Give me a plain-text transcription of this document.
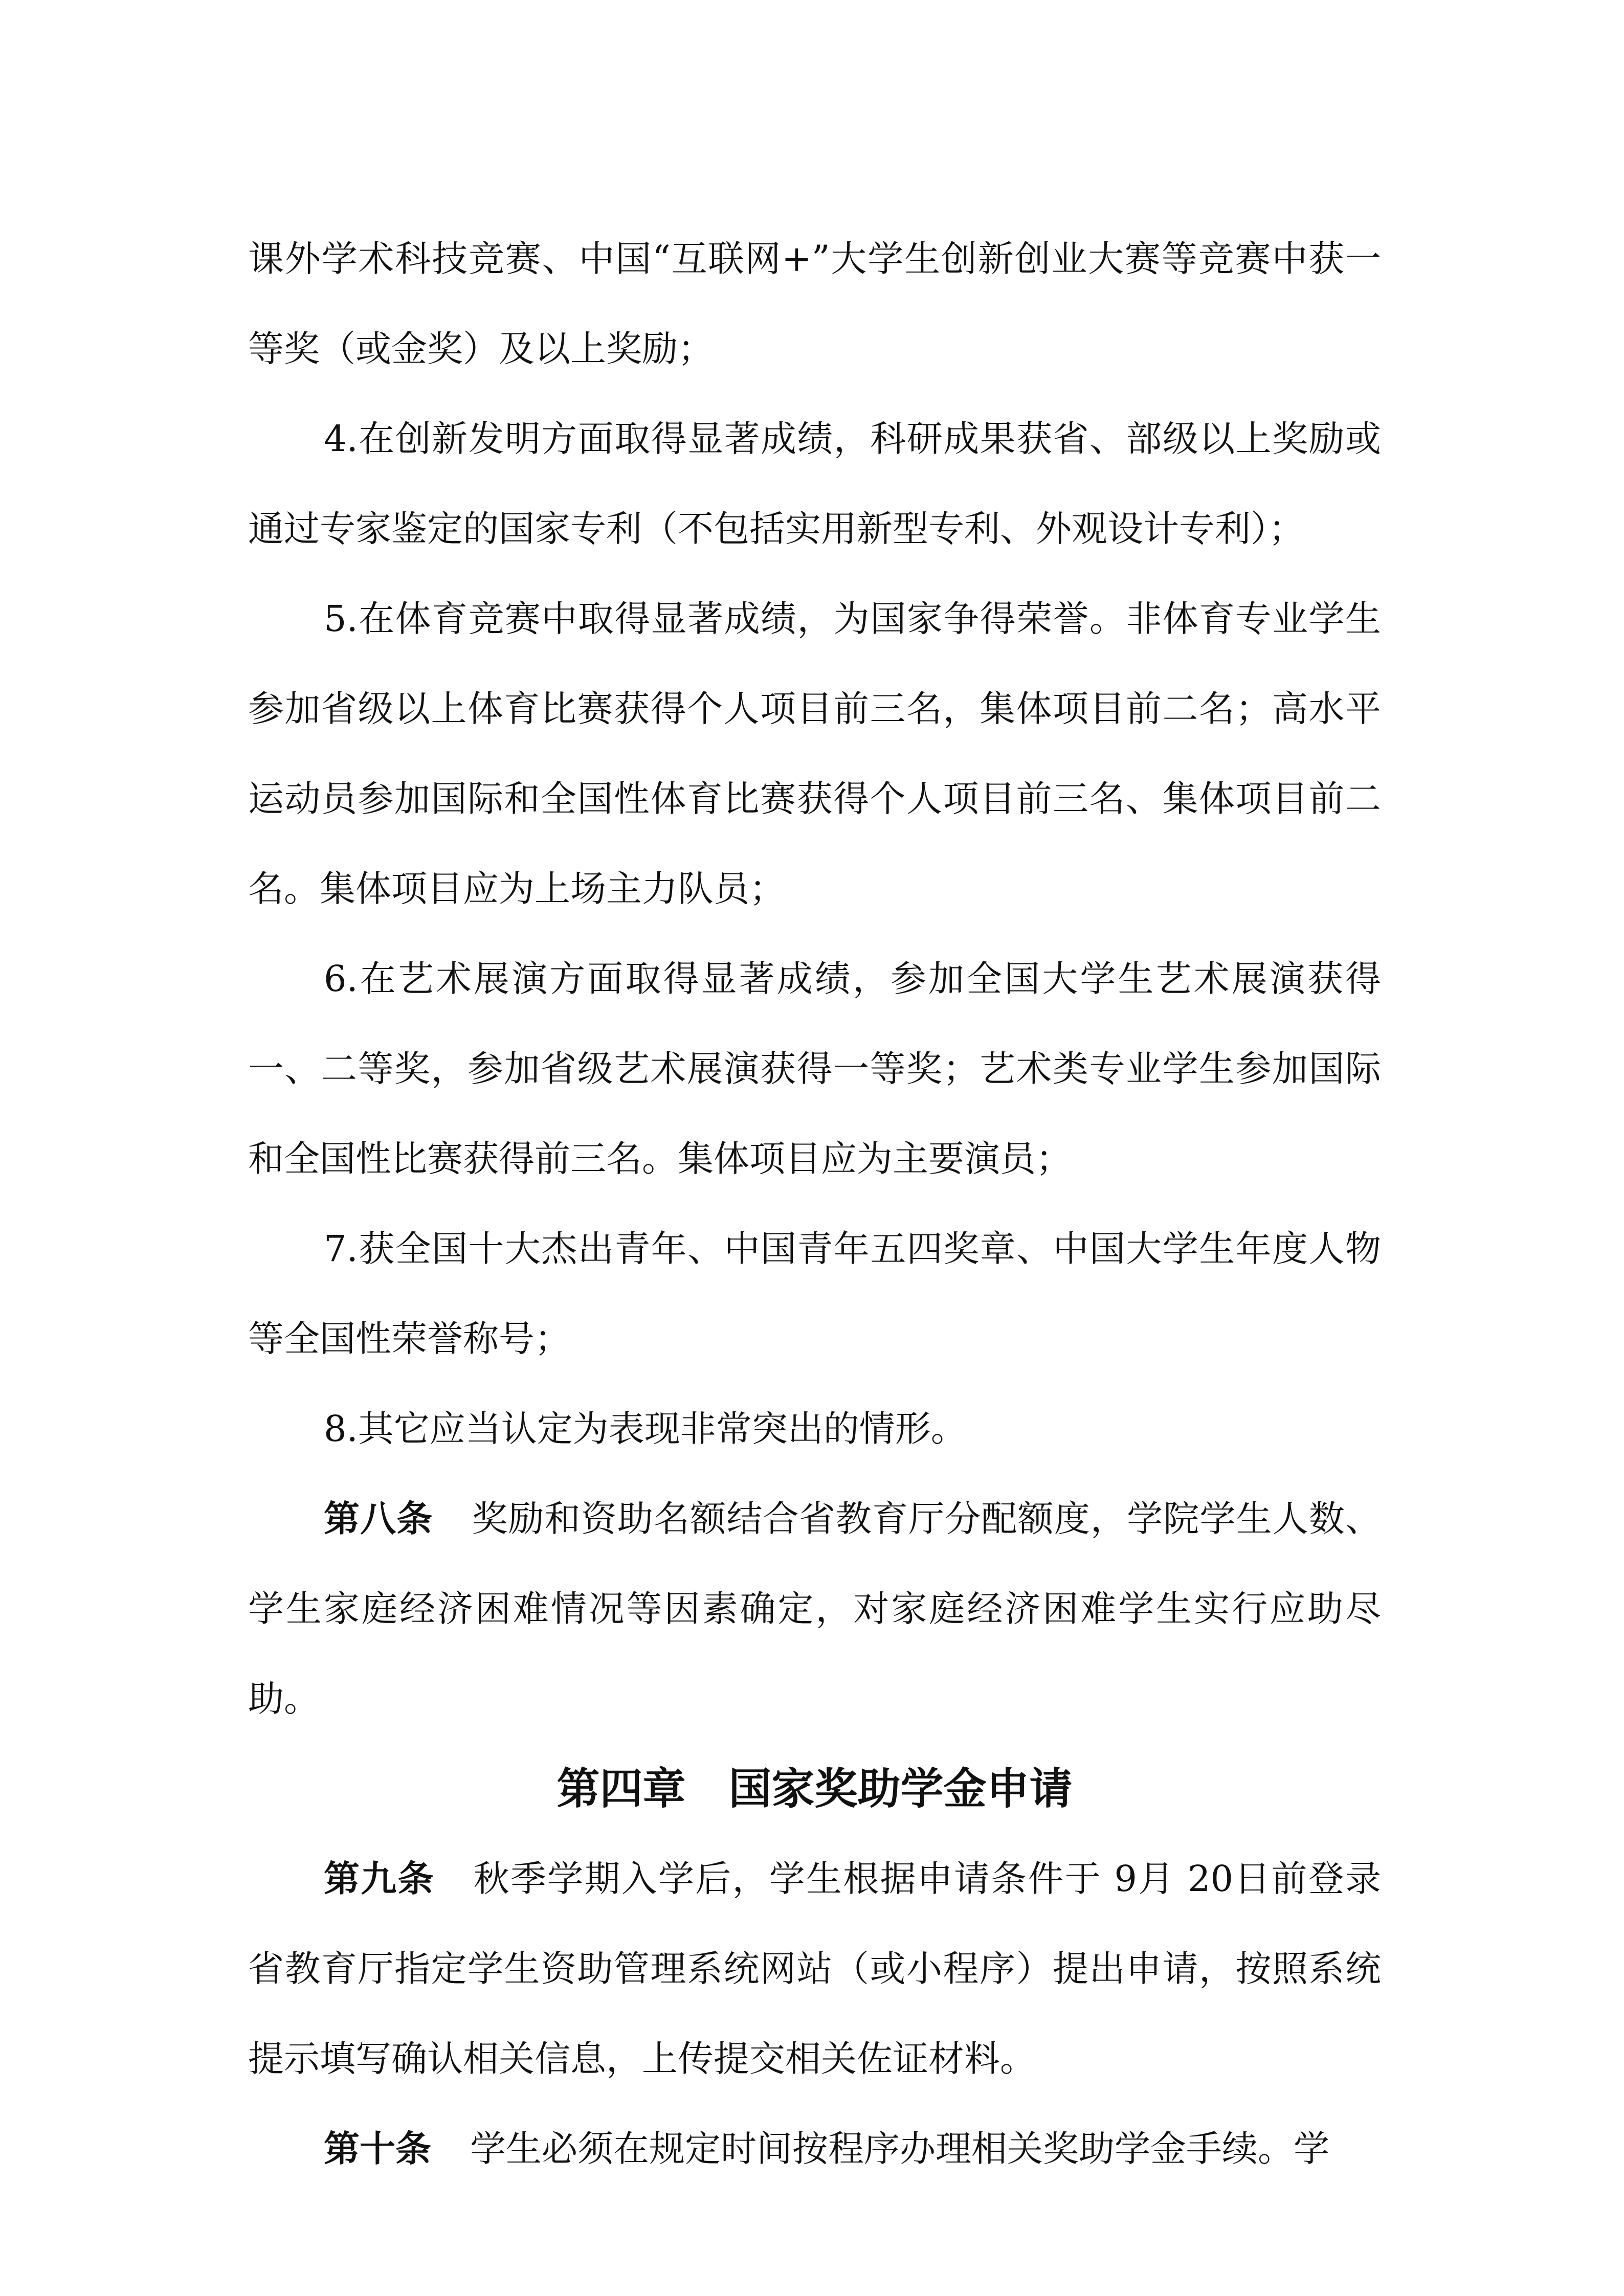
课外学术科技竞赛、中国“互联网+”大学生创新创业大赛等竞赛中获一等奖（或金奖）及以上奖励；

4.在创新发明方面取得显著成绩，科研成果获省、部级以上奖励或通过专家鉴定的国家专利（不包括实用新型专利、外观设计专利）；

5.在体育竞赛中取得显著成绩，为国家争得荣誉。非体育专业学生参加省级以上体育比赛获得个人项目前三名，集体项目前二名；高水平运动员参加国际和全国性体育比赛获得个人项目前三名、集体项目前二名。集体项目应为上场主力队员；

6.在艺术展演方面取得显著成绩，参加全国大学生艺术展演获得一、二等奖，参加省级艺术展演获得一等奖；艺术类专业学生参加国际和全国性比赛获得前三名。集体项目应为主要演员；

7.获全国十大杰出青年、中国青年五四奖章、中国大学生年度人物等全国性荣誉称号；

8.其它应当认定为表现非常突出的情形。

第八条 奖励和资助名额结合省教育厅分配额度，学院学生人数、学生家庭经济困难情况等因素确定，对家庭经济困难学生实行应助尽助。

第四章 国家奖助学金申请

第九条 秋季学期入学后，学生根据申请条件于 9月 20日前登录省教育厅指定学生资助管理系统网站（或小程序）提出申请，按照系统提示填写确认相关信息，上传提交相关佐证材料。

第十条 学生必须在规定时间按程序办理相关奖助学金手续。学
